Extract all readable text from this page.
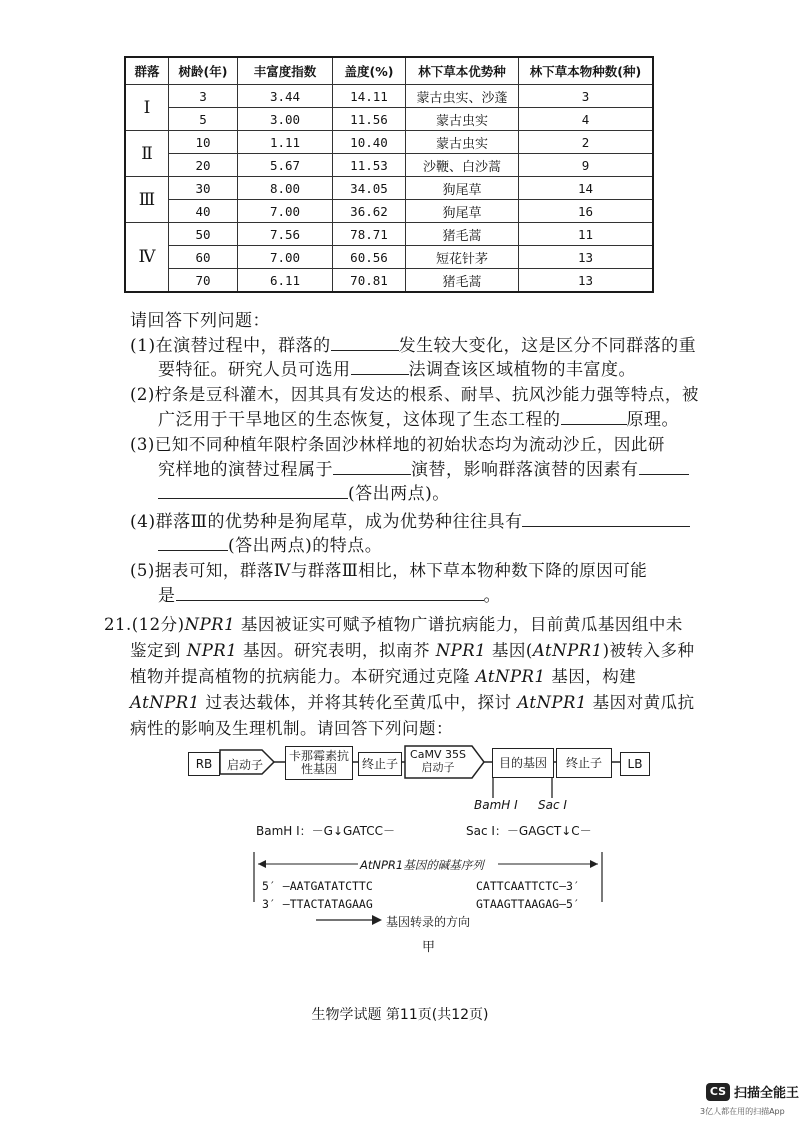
群落	树龄(年)	丰富度指数	盖度(%)	林下草本优势种	林下草本物种数(种)
Ⅰ	3	3.44	14.11	蒙古虫实、沙蓬	3
	5	3.00	11.56	蒙古虫实	4
Ⅱ	10	1.11	10.40	蒙古虫实	2
	20	5.67	11.53	沙鞭、白沙蒿	9
Ⅲ	30	8.00	34.05	狗尾草	14
	40	7.00	36.62	狗尾草	16
Ⅳ	50	7.56	78.71	猪毛蒿	11
	60	7.00	60.56	短花针茅	13
	70	6.11	70.81	猪毛蒿	13
请回答下列问题：
(1)在演替过程中，群落的	发生较大变化，这是区分不同群落的重
要特征。研究人员可选用	法调查该区域植物的丰富度。
(2)柠条是豆科灌木，因其具有发达的根系、耐旱、抗风沙能力强等特点，被
广泛用于干旱地区的生态恢复，这体现了生态工程的	原理。
(3)已知不同种植年限柠条固沙林样地的初始状态均为流动沙丘，因此研
究样地的演替过程属于	演替，影响群落演替的因素有
(答出两点)。
(4)群落Ⅲ的优势种是狗尾草，成为优势种往往具有
(答出两点)的特点。
(5)据表可知，群落Ⅳ与群落Ⅲ相比，林下草本物种数下降的原因可能
是	。
21.(12分)NPR1 基因被证实可赋予植物广谱抗病能力，目前黄瓜基因组中未
鉴定到 NPR1 基因。研究表明，拟南芥 NPR1 基因(AtNPR1)被转入多种
植物并提高植物的抗病能力。本研究通过克隆 AtNPR1 基因，构建
AtNPR1 过表达载体，并将其转化至黄瓜中，探讨 AtNPR1 基因对黄瓜抗
病性的影响及生理机制。请回答下列问题：
RB	启动子
卡那霉素抗性基因	终止子
CaMV 35S启动子	目的基因	终止子	LB
BamH Ⅰ Sac Ⅰ
BamH Ⅰ：－G↓GATCC－	Sac Ⅰ：－GAGCT↓C－
AtNPR1基因的碱基序列
5′ —AATGATATCTTC	CATTCAATTCTC—3′
3′ —TTACTATAGAAG	GTAAGTTAAGAG—5′
基因转录的方向
甲
生物学试题 第11页(共12页)
CS 扫描全能王
3亿人都在用的扫描App
